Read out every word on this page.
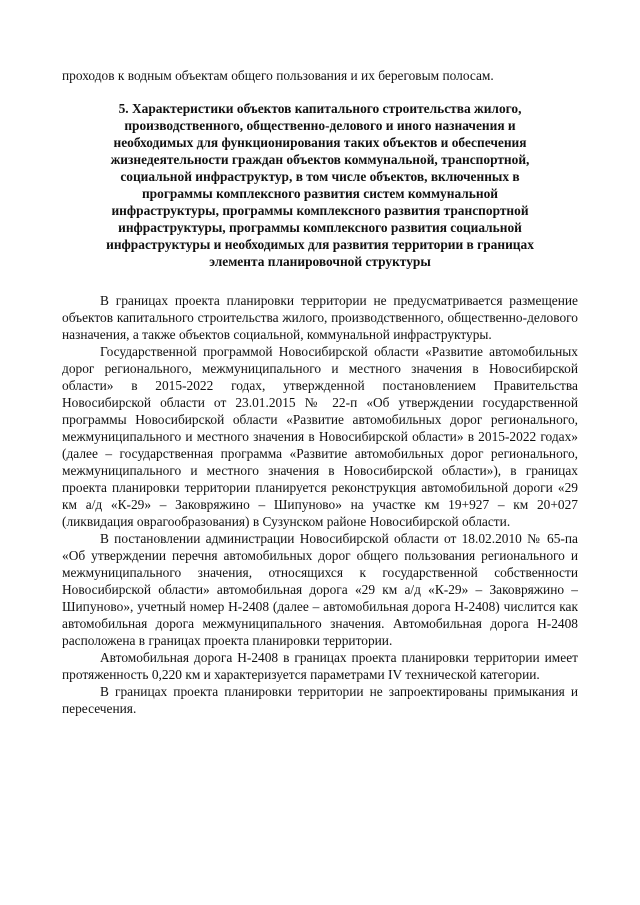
проходов к водным объектам общего пользования и их береговым полосам.
5. Характеристики объектов капитального строительства жилого, производственного, общественно-делового и иного назначения и необходимых для функционирования таких объектов и обеспечения жизнедеятельности граждан объектов коммунальной, транспортной, социальной инфраструктур, в том числе объектов, включенных в программы комплексного развития систем коммунальной инфраструктуры, программы комплексного развития транспортной инфраструктуры, программы комплексного развития социальной инфраструктуры и необходимых для развития территории в границах элемента планировочной структуры

В границах проекта планировки территории не предусматривается размещение объектов капитального строительства жилого, производственного, общественно-делового назначения, а также объектов социальной, коммунальной инфраструктуры.

Государственной программой Новосибирской области «Развитие автомобильных дорог регионального, межмуниципального и местного значения в Новосибирской области» в 2015-2022 годах, утвержденной постановлением Правительства Новосибирской области от 23.01.2015 № 22-п «Об утверждении государственной программы Новосибирской области «Развитие автомобильных дорог регионального, межмуниципального и местного значения в Новосибирской области» в 2015-2022 годах» (далее – государственная программа «Развитие автомобильных дорог регионального, межмуниципального и местного значения в Новосибирской области»), в границах проекта планировки территории планируется реконструкция автомобильной дороги «29 км а/д «К-29» – Заковряжино – Шипуново» на участке км 19+927 – км 20+027 (ликвидация оврагообразования) в Сузунском районе Новосибирской области.

В постановлении администрации Новосибирской области от 18.02.2010 № 65-па «Об утверждении перечня автомобильных дорог общего пользования регионального и межмуниципального значения, относящихся к государственной собственности Новосибирской области» автомобильная дорога «29 км а/д «К-29» – Заковряжино – Шипуново», учетный номер Н-2408 (далее – автомобильная дорога Н-2408) числится как автомобильная дорога межмуниципального значения. Автомобильная дорога Н-2408 расположена в границах проекта планировки территории.

Автомобильная дорога Н-2408 в границах проекта планировки территории имеет протяженность 0,220 км и характеризуется параметрами IV технической категории.

В границах проекта планировки территории не запроектированы примыкания и пересечения.
